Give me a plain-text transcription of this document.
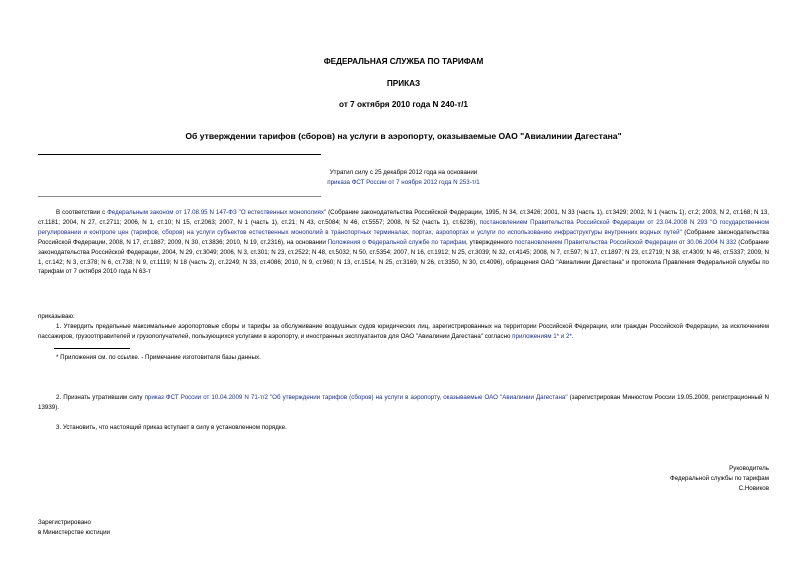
ФЕДЕРАЛЬНАЯ СЛУЖБА ПО ТАРИФАМ
ПРИКАЗ
от 7 октября 2010 года N 240-т/1
Об утверждении тарифов (сборов) на услуги в аэропорту, оказываемые ОАО "Авиалинии Дагестана"
Утратил силу с 25 декабря 2012 года на основании
приказа ФСТ России от 7 ноября 2012 года N 253-т/1
В соответствии с Федеральным законом от 17.08.95 N 147-ФЗ "О естественных монополиях" (Собрание законодательства Российской Федерации, 1995, N 34, ст.3426; 2001, N 33 (часть 1), ст.3429; 2002, N 1 (часть 1), ст.2; 2003, N 2, ст.168; N 13, ст.1181; 2004, N 27, ст.2711; 2006, N 1, ст.10; N 15, ст.2063; 2007, N 1 (часть 1), ст.21; N 43, ст.5084; N 46, ст.5557; 2008, N 52 (часть 1), ст.6236), постановлением Правительства Российской Федерации от 23.04.2008 N 293 "О государственном регулировании и контроле цен (тарифов, сборов) на услуги субъектов естественных монополий в транспортных терминалах, портах, аэропортах и услуги по использованию инфраструктуры внутренних водных путей" (Собрание законодательства Российской Федерации, 2008, N 17, ст.1887; 2009, N 30, ст.3836; 2010, N 19, ст.2316), на основании Положения о Федеральной службе по тарифам, утвержденного постановлением Правительства Российской Федерации от 30.06.2004 N 332 (Собрание законодательства Российской Федерации, 2004, N 29, ст.3049; 2006, N 3, ст.301; N 23, ст.2522; N 48, ст.5032; N 50, ст.5354; 2007, N 16, ст.1912; N 25, ст.3039; N 32, ст.4145; 2008, N 7, ст.597; N 17, ст.1897; N 23, ст.2719; N 38, ст.4309; N 46, ст.5337; 2009, N 1, ст.142; N 3, ст.378; N 6, ст.738; N 9, ст.1119; N 18 (часть 2), ст.2249; N 33, ст.4086; 2010, N 9, ст.960; N 13, ст.1514, N 25, ст.3169, N 26, ст.3350, N 30, ст.4096), обращения ОАО "Авиалинии Дагестана" и протокола Правления Федеральной службы по тарифам от 7 октября 2010 года N 63-т
приказываю:
1. Утвердить предельные максимальные аэропортовые сборы и тарифы за обслуживание воздушных судов юридических лиц, зарегистрированных на территории Российской Федерации, или граждан Российской Федерации, за исключением пассажиров, грузоотправителей и грузополучателей, пользующихся услугами в аэропорту, и иностранных эксплуатантов для ОАО "Авиалинии Дагестана" согласно приложениям 1* и 2*.
* Приложения см. по ссылке. - Примечание изготовителя базы данных.
2. Признать утратившим силу приказ ФСТ России от 10.04.2009 N 71-т/2 "Об утверждении тарифов (сборов) на услуги в аэропорту, оказываемые ОАО "Авиалинии Дагестана" (зарегистрирован Минюстом России 19.05.2009, регистрационный N 13939).
3. Установить, что настоящий приказ вступает в силу в установленном порядке.
Руководитель
Федеральной службы по тарифам
С.Новиков
Зарегистрировано
в Министерстве юстиции
